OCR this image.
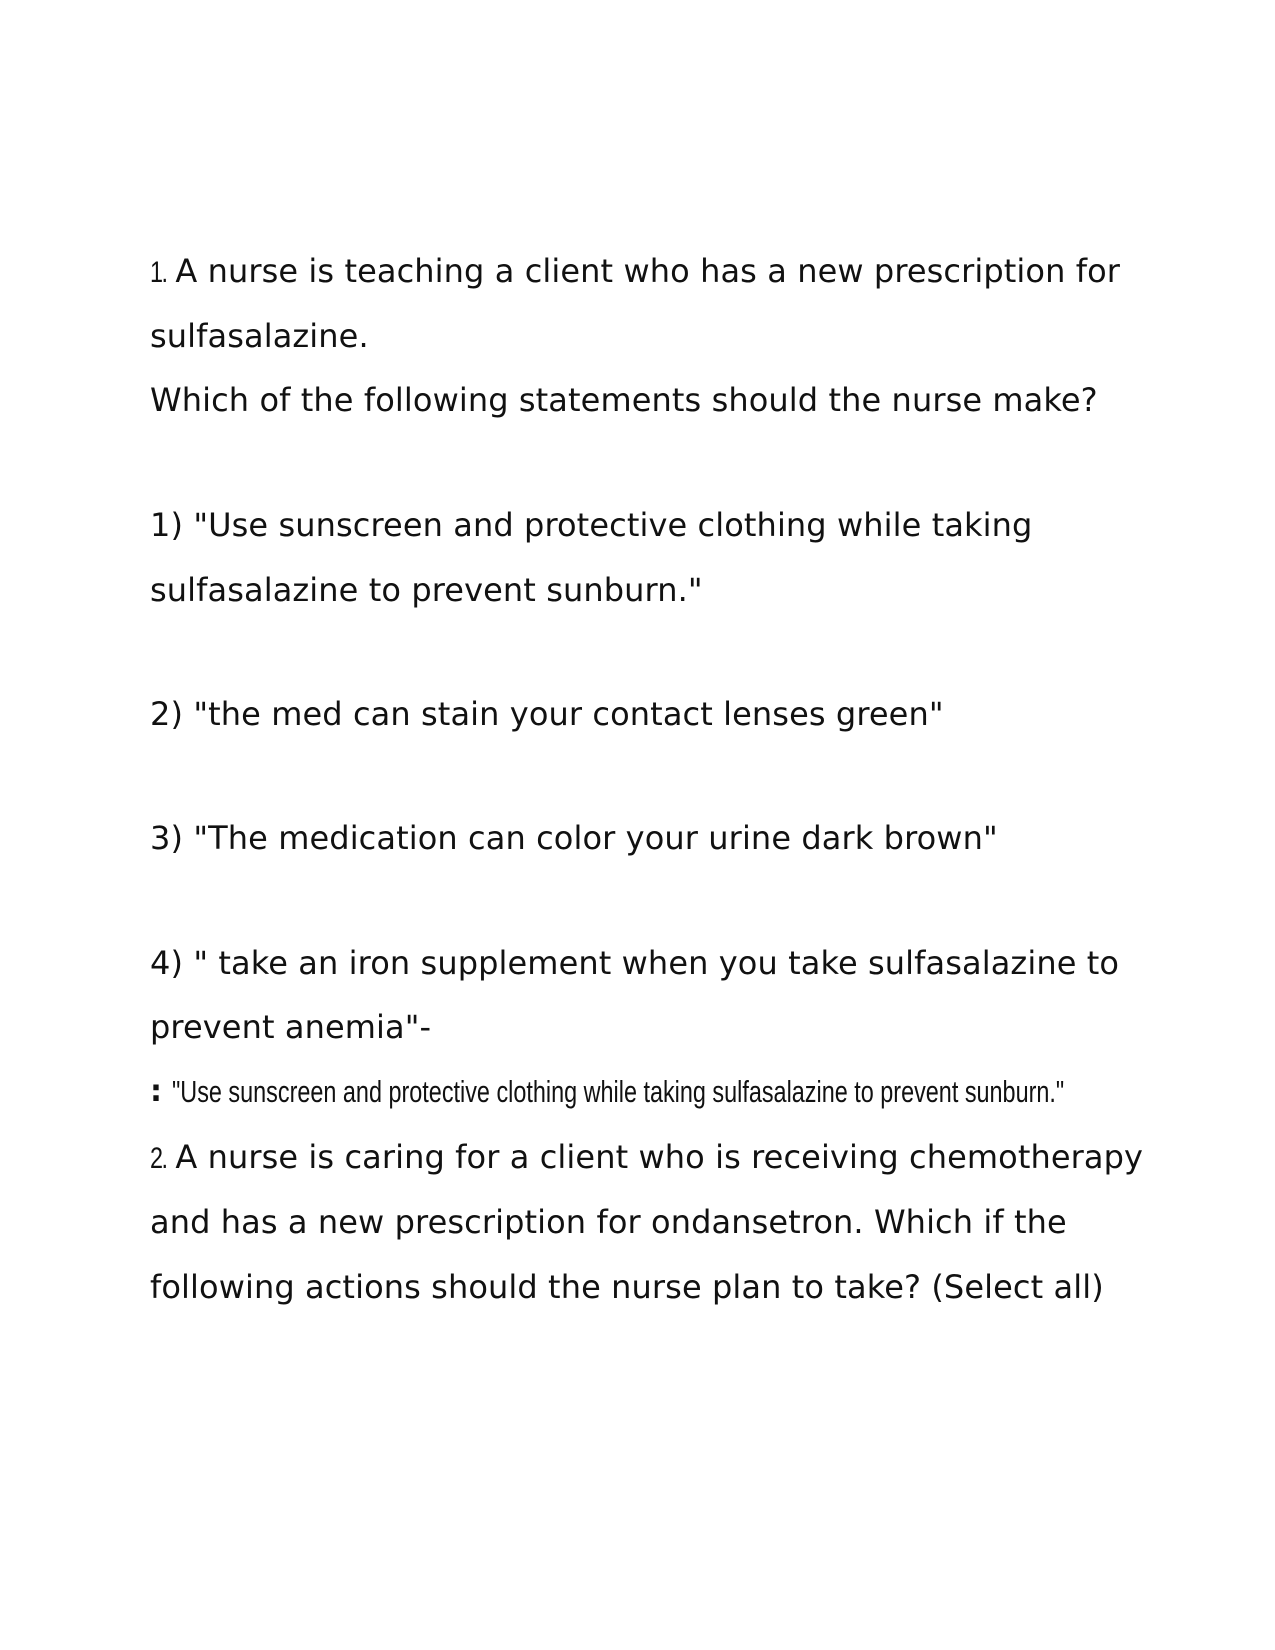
1. A nurse is teaching a client who has a new prescription for

sulfasalazine.

Which of the following statements should the nurse make?

1) "Use sunscreen and protective clothing while taking

sulfasalazine to prevent sunburn."

2) "the med can stain your contact lenses green"

3) "The medication can color your urine dark brown"

4) " take an iron supplement when you take sulfasalazine to

prevent anemia"-

: "Use sunscreen and protective clothing while taking sulfasalazine to prevent sunburn."

2. A nurse is caring for a client who is receiving chemotherapy

and has a new prescription for ondansetron. Which if the

following actions should the nurse plan to take? (Select all)
